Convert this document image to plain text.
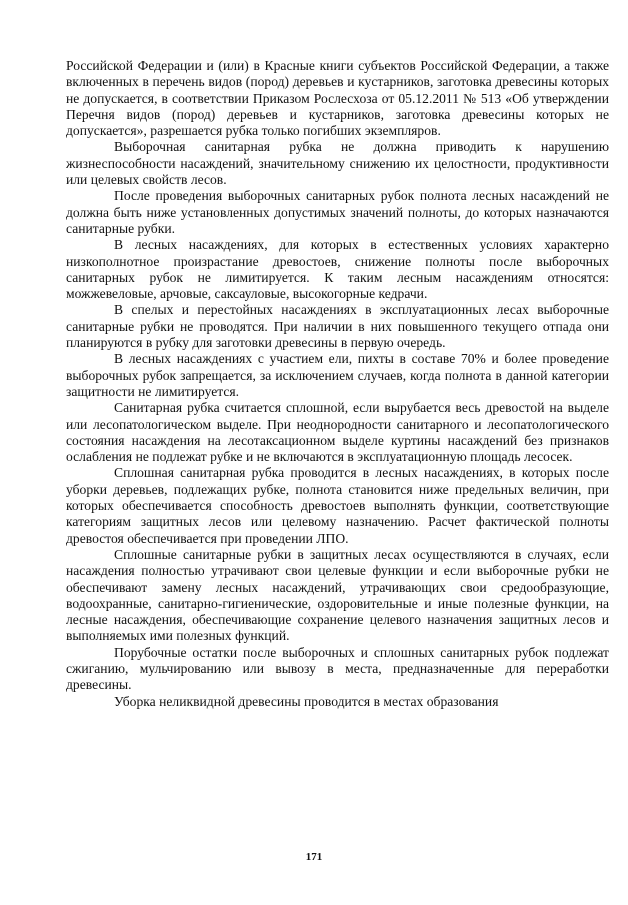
Российской Федерации и (или) в Красные книги субъектов Российской Федерации, а также включенных в перечень видов (пород) деревьев и кустарников, заготовка древесины которых не допускается, в соответствии Приказом Рослесхоза от 05.12.2011 № 513 «Об утверждении Перечня видов (пород) деревьев и кустарников, заготовка древесины которых не допускается», разрешается рубка только погибших экземпляров.

Выборочная санитарная рубка не должна приводить к нарушению жизнеспособности насаждений, значительному снижению их целостности, продуктивности или целевых свойств лесов.

После проведения выборочных санитарных рубок полнота лесных насаждений не должна быть ниже установленных допустимых значений полноты, до которых назначаются санитарные рубки.

В лесных насаждениях, для которых в естественных условиях характерно низкополнотное произрастание древостоев, снижение полноты после выборочных санитарных рубок не лимитируется. К таким лесным насаждениям относятся: можжевеловые, арчовые, саксауловые, высокогорные кедрачи.

В спелых и перестойных насаждениях в эксплуатационных лесах выборочные санитарные рубки не проводятся. При наличии в них повышенного текущего отпада они планируются в рубку для заготовки древесины в первую очередь.

В лесных насаждениях с участием ели, пихты в составе 70% и более проведение выборочных рубок запрещается, за исключением случаев, когда полнота в данной категории защитности не лимитируется.

Санитарная рубка считается сплошной, если вырубается весь древостой на выделе или лесопатологическом выделе. При неоднородности санитарного и лесопатологического состояния насаждения на лесотаксационном выделе куртины насаждений без признаков ослабления не подлежат рубке и не включаются в эксплуатационную площадь лесосек.

Сплошная санитарная рубка проводится в лесных насаждениях, в которых после уборки деревьев, подлежащих рубке, полнота становится ниже предельных величин, при которых обеспечивается способность древостоев выполнять функции, соответствующие категориям защитных лесов или целевому назначению. Расчет фактической полноты древостоя обеспечивается при проведении ЛПО.

Сплошные санитарные рубки в защитных лесах осуществляются в случаях, если насаждения полностью утрачивают свои целевые функции и если выборочные рубки не обеспечивают замену лесных насаждений, утрачивающих свои средообразующие, водоохранные, санитарно-гигиенические, оздоровительные и иные полезные функции, на лесные насаждения, обеспечивающие сохранение целевого назначения защитных лесов и выполняемых ими полезных функций.

Порубочные остатки после выборочных и сплошных санитарных рубок подлежат сжиганию, мульчированию или вывозу в места, предназначенные для переработки древесины.

Уборка неликвидной древесины проводится в местах образования

171
